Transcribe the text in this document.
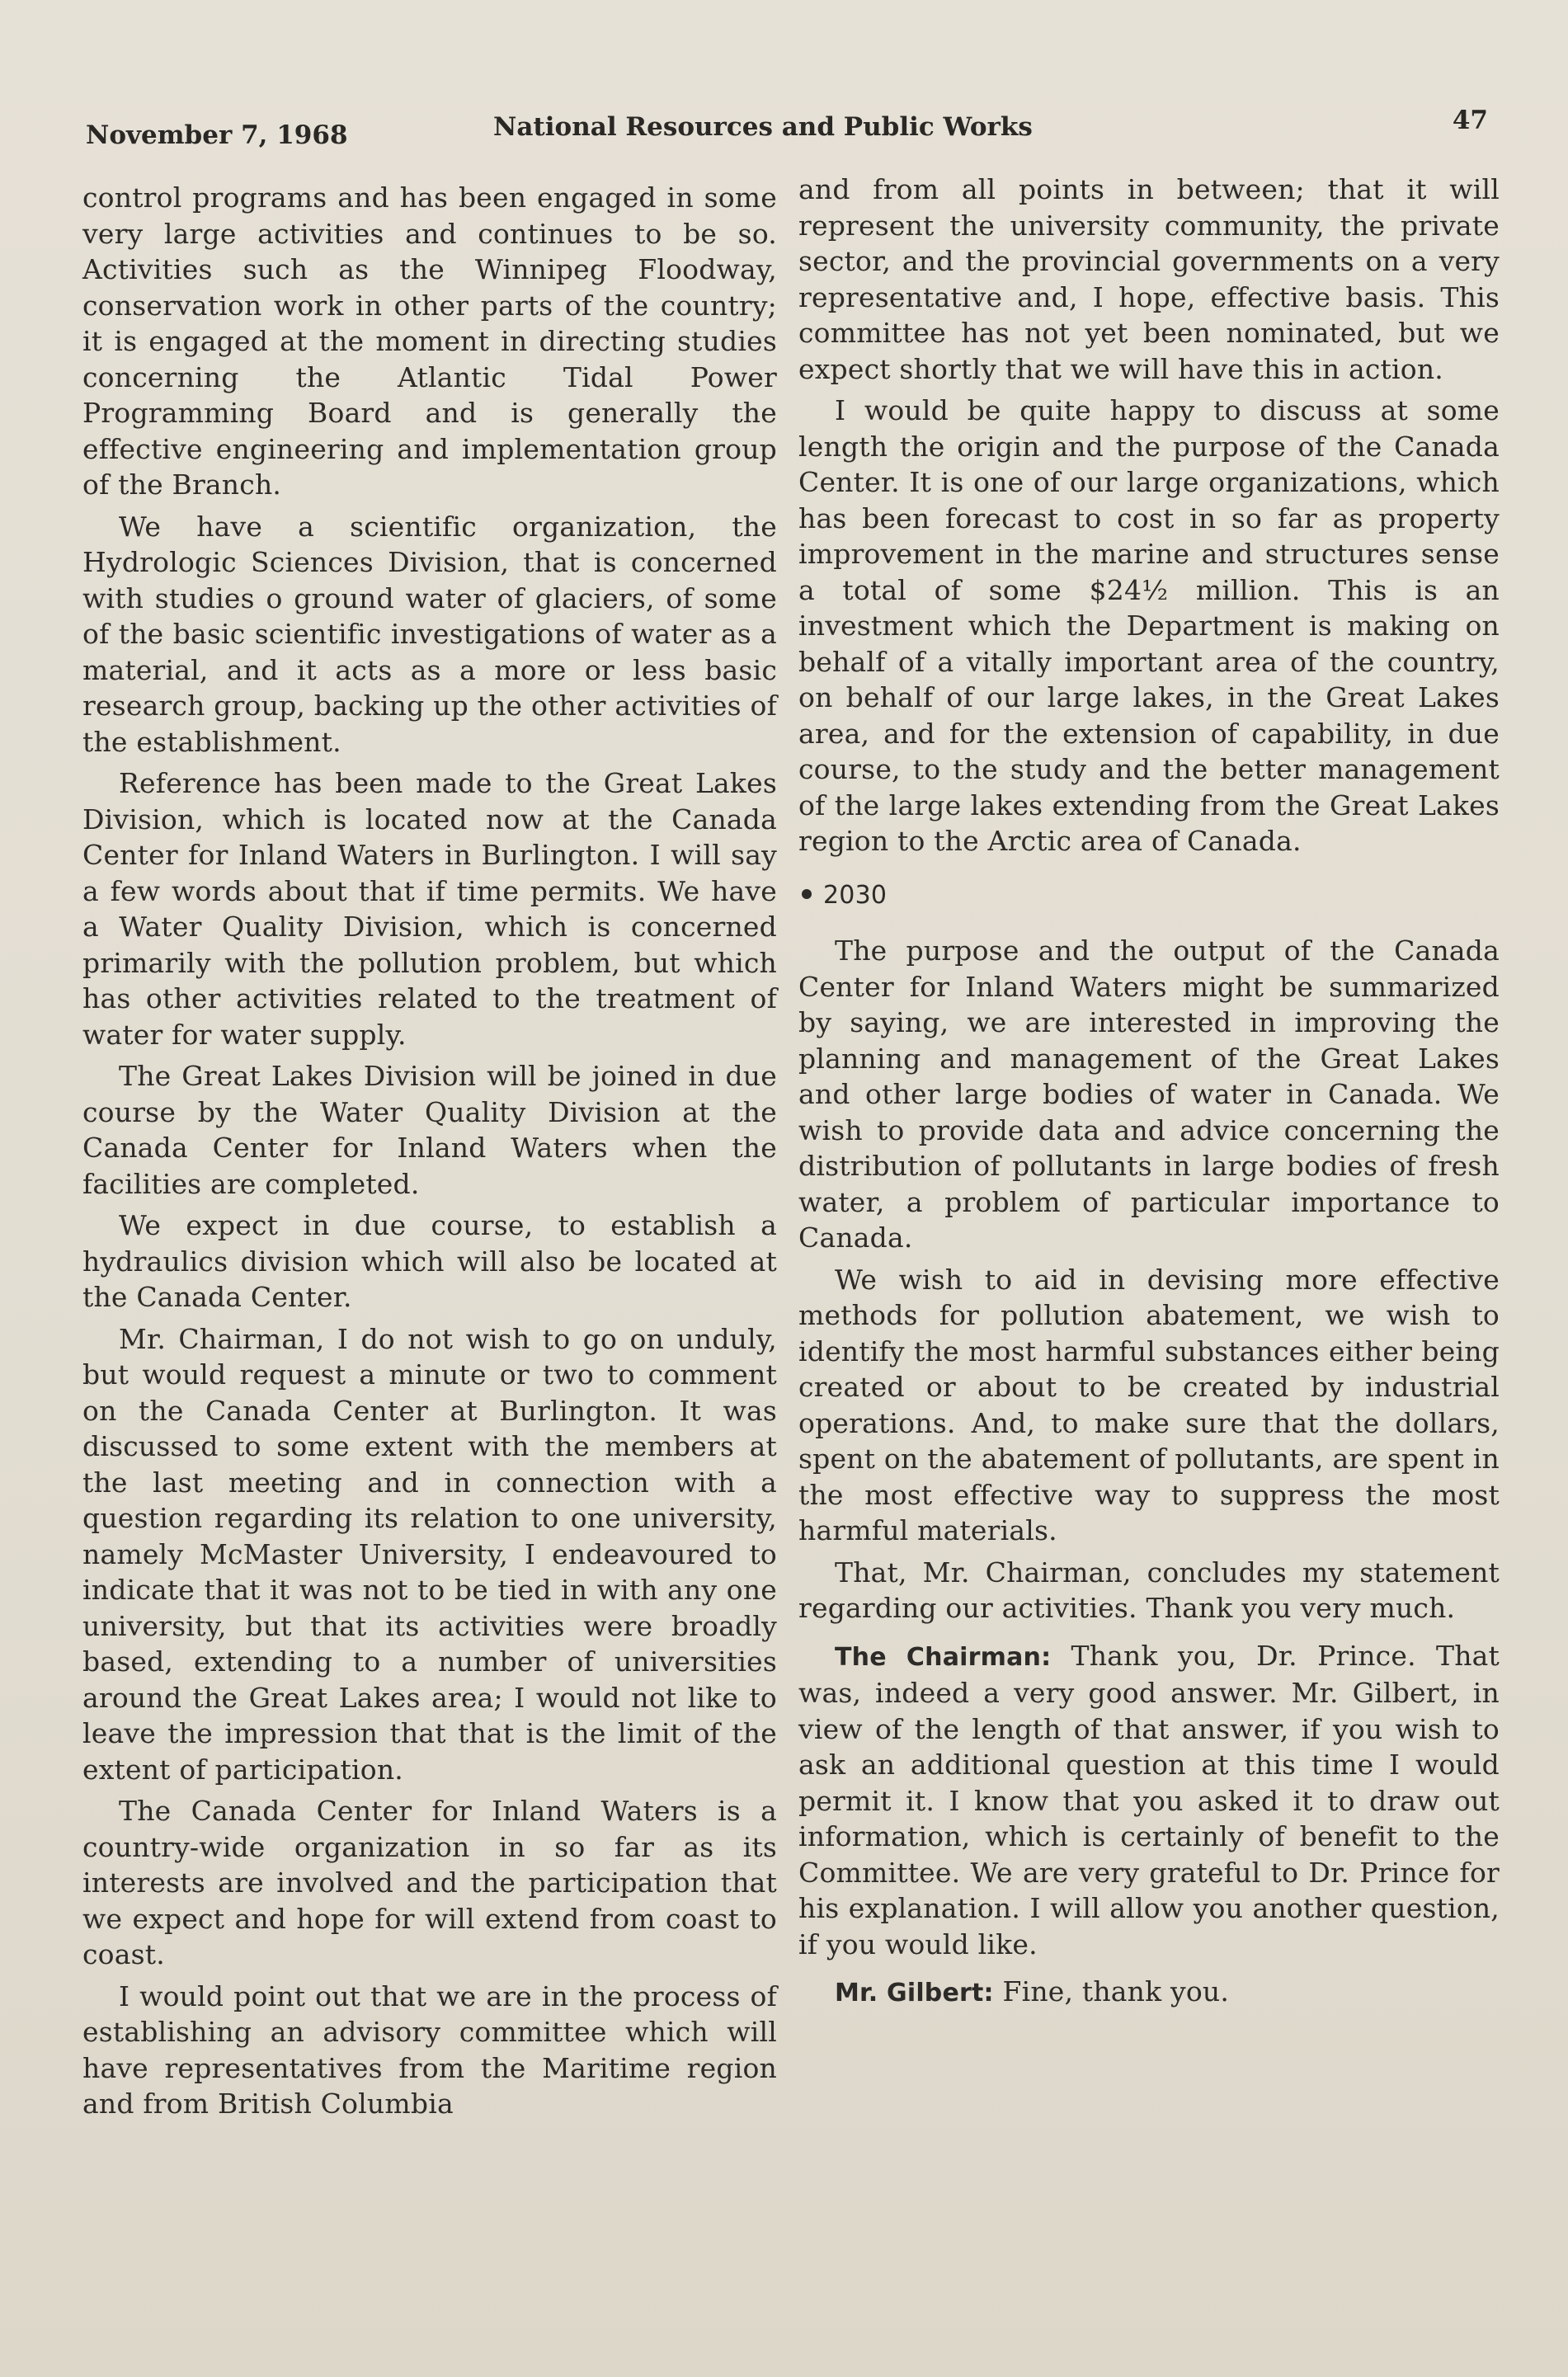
November 7, 1968	National Resources and Public Works	47

control programs and has been engaged in some very large activities and continues to be so. Activities such as the Winnipeg Floodway, conservation work in other parts of the country; it is engaged at the moment in directing studies concerning the Atlantic Tidal Power Programming Board and is generally the effective engineering and implementation group of the Branch.

We have a scientific organization, the Hydrologic Sciences Division, that is concerned with studies o ground water of glaciers, of some of the basic scientific investigations of water as a material, and it acts as a more or less basic research group, backing up the other activities of the establishment.

Reference has been made to the Great Lakes Division, which is located now at the Canada Center for Inland Waters in Burlington. I will say a few words about that if time permits. We have a Water Quality Division, which is concerned primarily with the pollution problem, but which has other activities related to the treatment of water for water supply.

The Great Lakes Division will be joined in due course by the Water Quality Division at the Canada Center for Inland Waters when the facilities are completed.

We expect in due course, to establish a hydraulics division which will also be located at the Canada Center.

Mr. Chairman, I do not wish to go on unduly, but would request a minute or two to comment on the Canada Center at Burlington. It was discussed to some extent with the members at the last meeting and in connection with a question regarding its relation to one university, namely McMaster University, I endeavoured to indicate that it was not to be tied in with any one university, but that its activities were broadly based, extending to a number of universities around the Great Lakes area; I would not like to leave the impression that that is the limit of the extent of participation.

The Canada Center for Inland Waters is a country-wide organization in so far as its interests are involved and the participation that we expect and hope for will extend from coast to coast.

I would point out that we are in the process of establishing an advisory committee which will have representatives from the Maritime region and from British Columbia

and from all points in between; that it will represent the university community, the private sector, and the provincial governments on a very representative and, I hope, effective basis. This committee has not yet been nominated, but we expect shortly that we will have this in action.

I would be quite happy to discuss at some length the origin and the purpose of the Canada Center. It is one of our large organizations, which has been forecast to cost in so far as property improvement in the marine and structures sense a total of some $24½ million. This is an investment which the Department is making on behalf of a vitally important area of the country, on behalf of our large lakes, in the Great Lakes area, and for the extension of capability, in due course, to the study and the better management of the large lakes extending from the Great Lakes region to the Arctic area of Canada.

2030

The purpose and the output of the Canada Center for Inland Waters might be summarized by saying, we are interested in improving the planning and management of the Great Lakes and other large bodies of water in Canada. We wish to provide data and advice concerning the distribution of pollutants in large bodies of fresh water, a problem of particular importance to Canada.

We wish to aid in devising more effective methods for pollution abatement, we wish to identify the most harmful substances either being created or about to be created by industrial operations. And, to make sure that the dollars, spent on the abatement of pollutants, are spent in the most effective way to suppress the most harmful materials.

That, Mr. Chairman, concludes my statement regarding our activities. Thank you very much.

The Chairman: Thank you, Dr. Prince. That was, indeed a very good answer. Mr. Gilbert, in view of the length of that answer, if you wish to ask an additional question at this time I would permit it. I know that you asked it to draw out information, which is certainly of benefit to the Committee. We are very grateful to Dr. Prince for his explanation. I will allow you another question, if you would like.

Mr. Gilbert: Fine, thank you.
